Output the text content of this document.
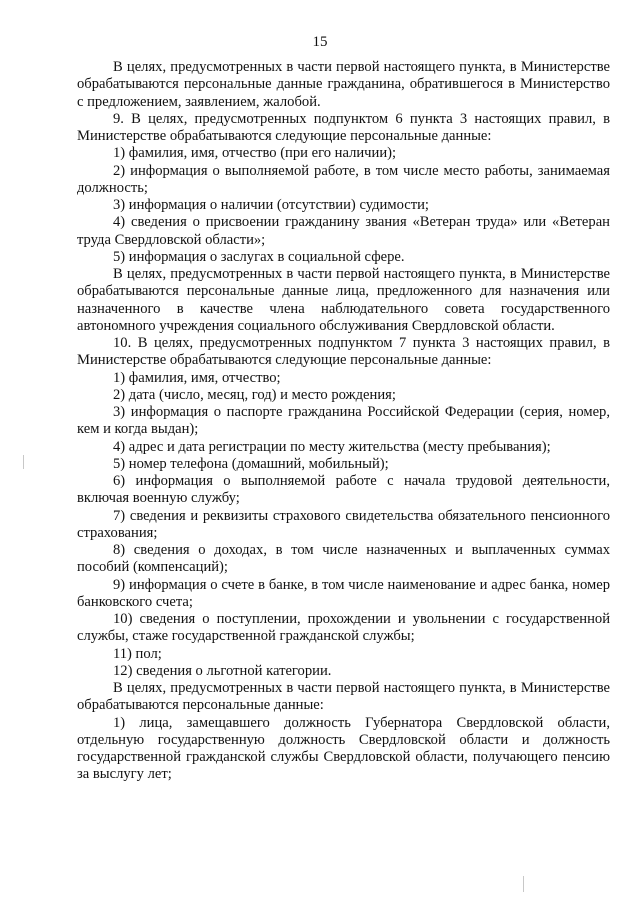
15

В целях, предусмотренных в части первой настоящего пункта, в Министерстве обрабатываются персональные данные гражданина, обратившегося в Министерство с предложением, заявлением, жалобой.

9. В целях, предусмотренных подпунктом 6 пункта 3 настоящих правил, в Министерстве обрабатываются следующие персональные данные:

1) фамилия, имя, отчество (при его наличии);

2) информация о выполняемой работе, в том числе место работы, занимаемая должность;

3) информация о наличии (отсутствии) судимости;

4) сведения о присвоении гражданину звания «Ветеран труда» или «Ветеран труда Свердловской области»;

5) информация о заслугах в социальной сфере.

В целях, предусмотренных в части первой настоящего пункта, в Министерстве обрабатываются персональные данные лица, предложенного для назначения или назначенного в качестве члена наблюдательного совета государственного автономного учреждения социального обслуживания Свердловской области.

10. В целях, предусмотренных подпунктом 7 пункта 3 настоящих правил, в Министерстве обрабатываются следующие персональные данные:

1) фамилия, имя, отчество;

2) дата (число, месяц, год) и место рождения;

3) информация о паспорте гражданина Российской Федерации (серия, номер, кем и когда выдан);

4) адрес и дата регистрации по месту жительства (месту пребывания);

5) номер телефона (домашний, мобильный);

6) информация о выполняемой работе с начала трудовой деятельности, включая военную службу;

7) сведения и реквизиты страхового свидетельства обязательного пенсионного страхования;

8) сведения о доходах, в том числе назначенных и выплаченных суммах пособий (компенсаций);

9) информация о счете в банке, в том числе наименование и адрес банка, номер банковского счета;

10) сведения о поступлении, прохождении и увольнении с государственной службы, стаже государственной гражданской службы;

11) пол;

12) сведения о льготной категории.

В целях, предусмотренных в части первой настоящего пункта, в Министерстве обрабатываются персональные данные:

1) лица, замещавшего должность Губернатора Свердловской области, отдельную государственную должность Свердловской области и должность государственной гражданской службы Свердловской области, получающего пенсию за выслугу лет;
